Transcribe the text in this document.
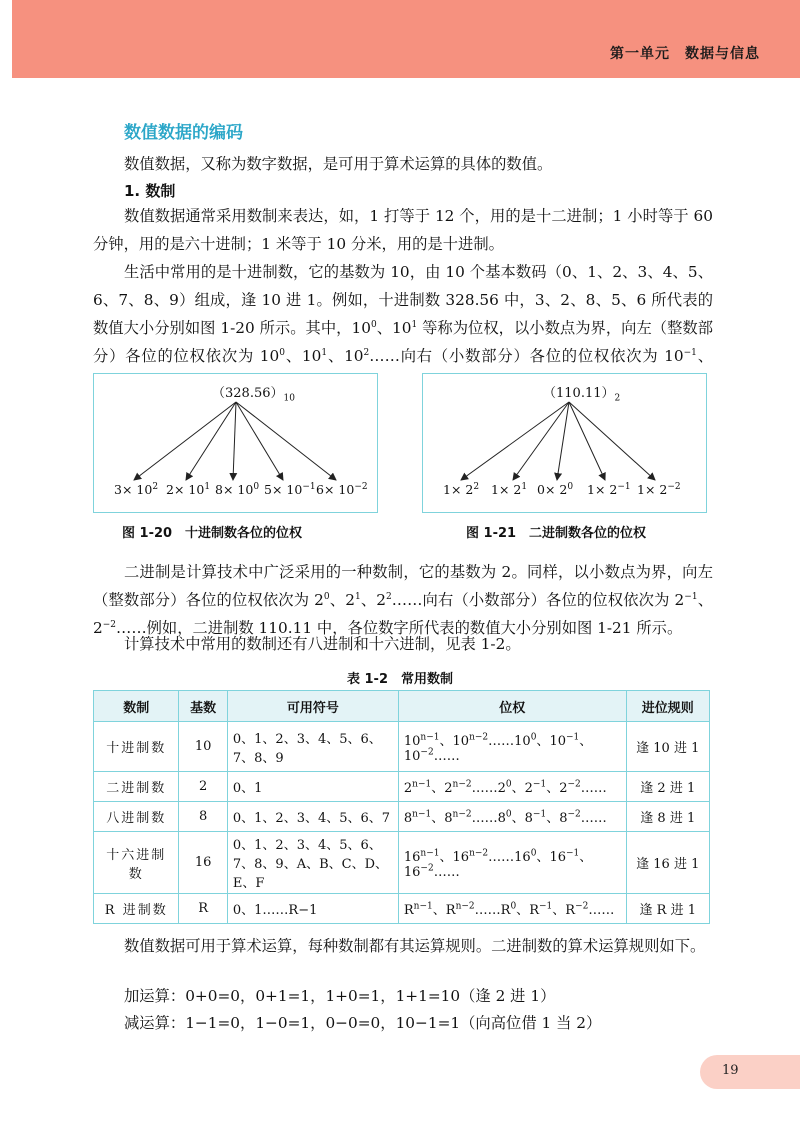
第一单元　数据与信息
数值数据的编码
数值数据，又称为数字数据，是可用于算术运算的具体的数值。
1. 数制
数值数据通常采用数制来表达，如，1 打等于 12 个，用的是十二进制；1 小时等于 60 分钟，用的是六十进制；1 米等于 10 分米，用的是十进制。
生活中常用的是十进制数，它的基数为 10，由 10 个基本数码（0、1、2、3、4、5、6、7、8、9）组成，逢 10 进 1。例如，十进制数 328.56 中，3、2、8、5、6 所代表的数值大小分别如图 1-20 所示。其中，$10^0$、$10^1$ 等称为位权，以小数点为界，向左（整数部分）各位的位权依次为 $10^0$、$10^1$、$10^2\dots\dots$向右（小数部分）各位的位权依次为 $10^{-1}$、
$(328.56)_{10}$
$3\times 10^2$ $2\times 10^1$ $8\times 10^0$ $5\times 10^{-1}$ $6\times 10^{-2}$
图 1-20　十进制数各位的位权
$(110.11)_2$
$1\times 2^2$ $1\times 2^1$ $0\times 2^0$ $1\times 2^{-1}$ $1\times 2^{-2}$
图 1-21　二进制数各位的位权
二进制是计算技术中广泛采用的一种数制，它的基数为 2。同样，以小数点为界，向左（整数部分）各位的位权依次为 $2^0$、$2^1$、$2^2\dots\dots$向右（小数部分）各位的位权依次为 $2^{-1}$、$2^{-2}\dots\dots$例如，二进制数 110.11 中，各位数字所代表的数值大小分别如图 1-21 所示。
计算技术中常用的数制还有八进制和十六进制，见表 1-2。
表 1-2　常用数制
数制	基数	可用符号	位权	进位规则
十进制数	10	0、1、2、3、4、5、6、7、8、9	$10^{n-1}$、$10^{n-2}\dots\dots 10^0$、$10^{-1}$、$10^{-2}\dots\dots$	逢 10 进 1
二进制数	2	0、1	$2^{n-1}$、$2^{n-2}\dots\dots 2^0$、$2^{-1}$、$2^{-2}\dots\dots$	逢 2 进 1
八进制数	8	0、1、2、3、4、5、6、7	$8^{n-1}$、$8^{n-2}\dots\dots 8^0$、$8^{-1}$、$8^{-2}\dots\dots$	逢 8 进 1
十六进制数	16	0、1、2、3、4、5、6、7、8、9、A、B、C、D、E、F	$16^{n-1}$、$16^{n-2}\dots\dots 16^0$、$16^{-1}$、$16^{-2}\dots\dots$	逢 16 进 1
R 进制数	R	0、1……R−1	$R^{n-1}$、$R^{n-2}\dots\dots R^0$、$R^{-1}$、$R^{-2}\dots\dots$	逢 R 进 1
数值数据可用于算术运算，每种数制都有其运算规则。二进制数的算术运算规则如下。
加运算：0+0=0，0+1=1，1+0=1，1+1=10（逢 2 进 1）
减运算：1−1=0，1−0=1，0−0=0，10−1=1（向高位借 1 当 2）
19
